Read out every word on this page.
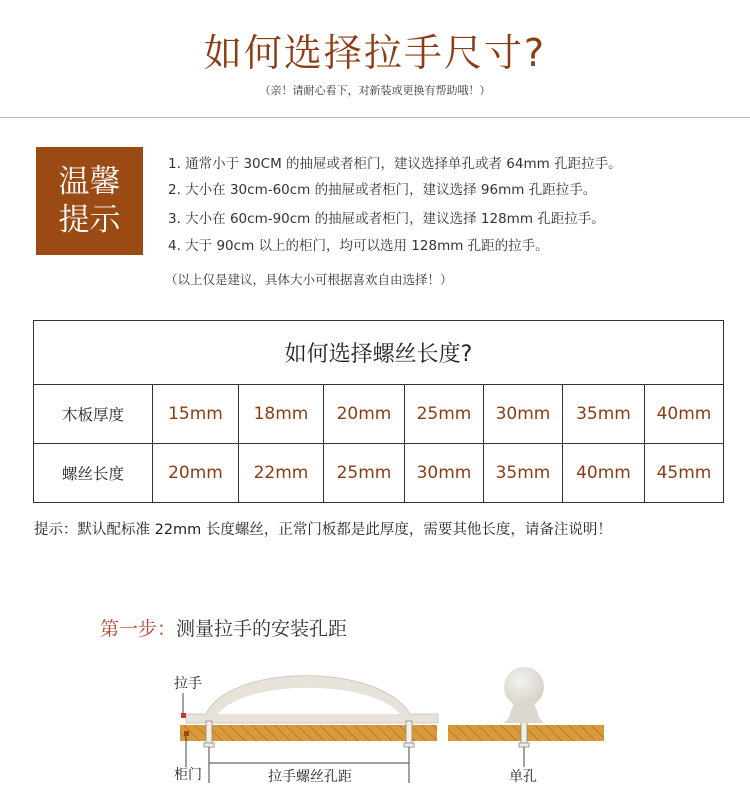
如何选择拉手尺寸?
（亲！请耐心看下，对新装或更换有帮助哦！）
温馨
提示
1. 通常小于 30CM 的抽屉或者柜门，建议选择单孔或者 64mm 孔距拉手。
2. 大小在 30cm-60cm 的抽屉或者柜门，建议选择 96mm 孔距拉手。
3. 大小在 60cm-90cm 的抽屉或者柜门，建议选择 128mm 孔距拉手。
4. 大于 90cm 以上的柜门，均可以选用 128mm 孔距的拉手。
（以上仅是建议，具体大小可根据喜欢自由选择！）
如何选择螺丝长度?							
木板厚度	15mm	18mm	20mm	25mm	30mm	35mm	40mm
螺丝长度	20mm	22mm	25mm	30mm	35mm	40mm	45mm
提示：默认配标准 22mm 长度螺丝，正常门板都是此厚度，需要其他长度，请备注说明！
第一步：测量拉手的安装孔距
拉手
柜门	拉手螺丝孔距	单孔
